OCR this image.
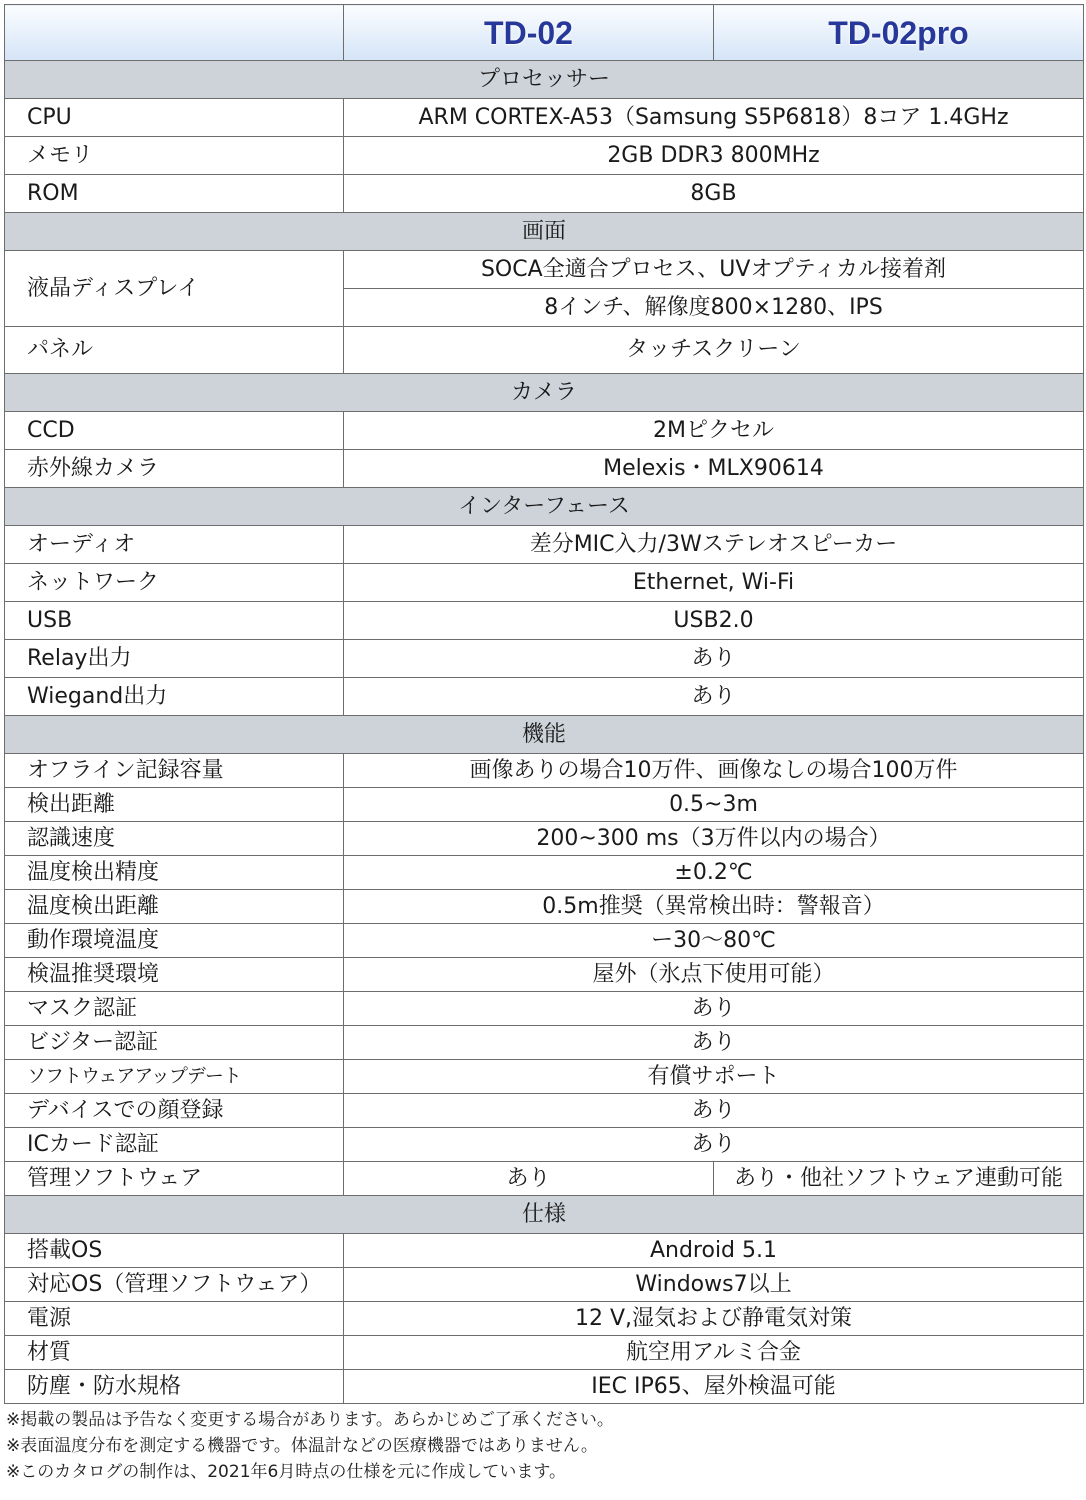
	TD-02	TD-02pro
プロセッサー		
CPU	ARM CORTEX-A53（Samsung S5P6818）8コア 1.4GHz	
メモリ	2GB DDR3 800MHz	
ROM	8GB	
画面		
液晶ディスプレイ	SOCA全適合プロセス、UVオプティカル接着剤	
	8インチ、解像度800×1280、IPS	
パネル	タッチスクリーン	
カメラ		
CCD	2Mピクセル	
赤外線カメラ	Melexis・MLX90614	
インターフェース		
オーディオ	差分MIC入力/3Wステレオスピーカー	
ネットワーク	Ethernet, Wi-Fi	
USB	USB2.0	
Relay出力	あり	
Wiegand出力	あり	
機能		
オフライン記録容量	画像ありの場合10万件、画像なしの場合100万件	
検出距離	0.5~3m	
認識速度	200~300 ms（3万件以内の場合）	
温度検出精度	±0.2℃	
温度検出距離	0.5m推奨（異常検出時：警報音）	
動作環境温度	ー30〜80℃	
検温推奨環境	屋外（氷点下使用可能）	
マスク認証	あり	
ビジター認証	あり	
ソフトウェアアップデート	有償サポート	
デバイスでの顔登録	あり	
ICカード認証	あり	
管理ソフトウェア	あり	あり・他社ソフトウェア連動可能
仕様		
搭載OS	Android 5.1	
対応OS（管理ソフトウェア）	Windows7以上	
電源	12 V,湿気および静電気対策	
材質	航空用アルミ合金	
防塵・防水規格	IEC IP65、屋外検温可能	
※掲載の製品は予告なく変更する場合があります。あらかじめご了承ください。
※表面温度分布を測定する機器です。体温計などの医療機器ではありません。
※このカタログの制作は、2021年6月時点の仕様を元に作成しています。
